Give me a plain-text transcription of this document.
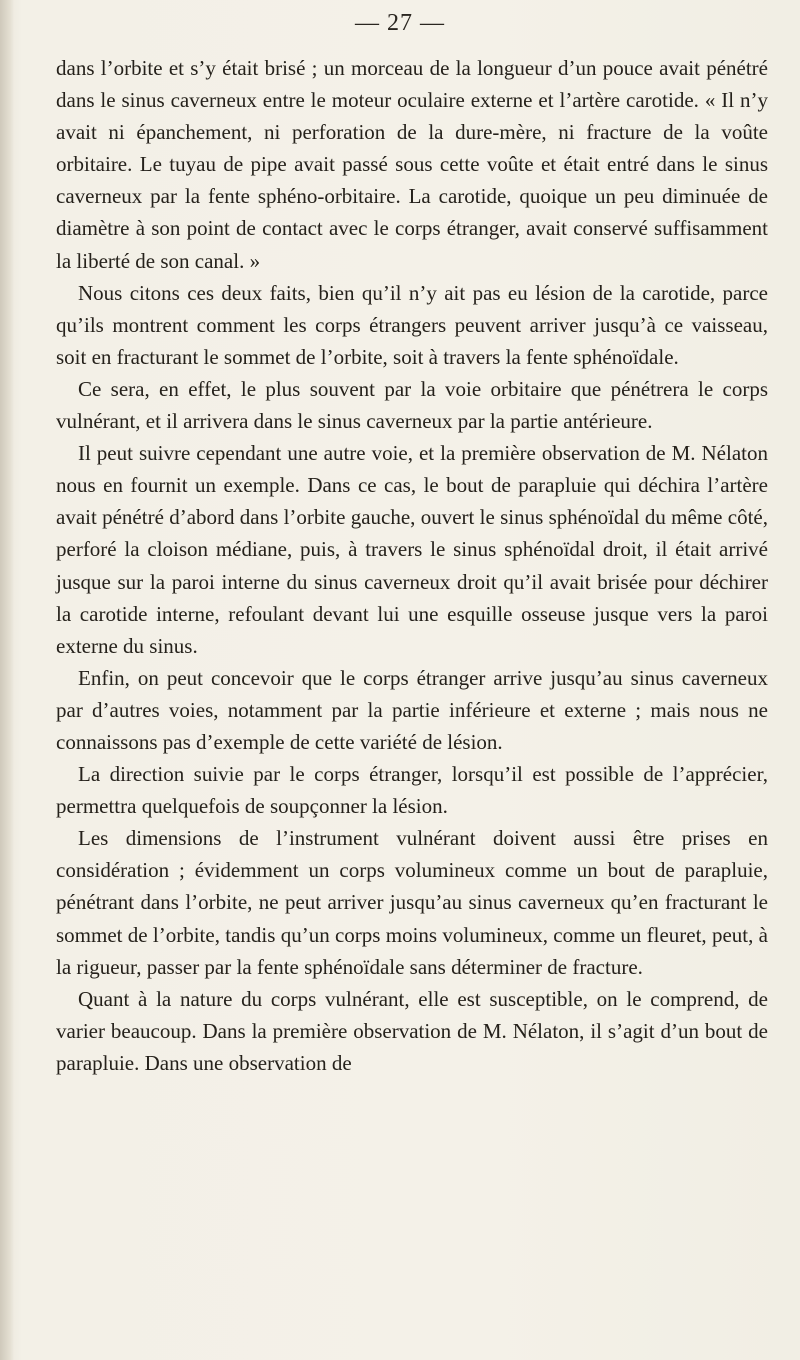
— 27 —

dans l’orbite et s’y était brisé ; un morceau de la longueur d’un pouce avait pénétré dans le sinus caverneux entre le moteur oculaire externe et l’artère carotide. « Il n’y avait ni épanchement, ni perforation de la dure-mère, ni fracture de la voûte orbitaire. Le tuyau de pipe avait passé sous cette voûte et était entré dans le sinus caverneux par la fente sphéno-orbitaire. La carotide, quoique un peu diminuée de diamètre à son point de contact avec le corps étranger, avait conservé suffisamment la liberté de son canal. »

Nous citons ces deux faits, bien qu’il n’y ait pas eu lésion de la carotide, parce qu’ils montrent comment les corps étrangers peuvent arriver jusqu’à ce vaisseau, soit en fracturant le sommet de l’orbite, soit à travers la fente sphénoïdale.

Ce sera, en effet, le plus souvent par la voie orbitaire que pénétrera le corps vulnérant, et il arrivera dans le sinus caverneux par la partie antérieure.

Il peut suivre cependant une autre voie, et la première observation de M. Nélaton nous en fournit un exemple. Dans ce cas, le bout de parapluie qui déchira l’artère avait pénétré d’abord dans l’orbite gauche, ouvert le sinus sphénoïdal du même côté, perforé la cloison médiane, puis, à travers le sinus sphénoïdal droit, il était arrivé jusque sur la paroi interne du sinus caverneux droit qu’il avait brisée pour déchirer la carotide interne, refoulant devant lui une esquille osseuse jusque vers la paroi externe du sinus.

Enfin, on peut concevoir que le corps étranger arrive jusqu’au sinus caverneux par d’autres voies, notamment par la partie inférieure et externe ; mais nous ne connaissons pas d’exemple de cette variété de lésion.

La direction suivie par le corps étranger, lorsqu’il est possible de l’apprécier, permettra quelquefois de soupçonner la lésion.

Les dimensions de l’instrument vulnérant doivent aussi être prises en considération ; évidemment un corps volumineux comme un bout de parapluie, pénétrant dans l’orbite, ne peut arriver jusqu’au sinus caverneux qu’en fracturant le sommet de l’orbite, tandis qu’un corps moins volumineux, comme un fleuret, peut, à la rigueur, passer par la fente sphénoïdale sans déterminer de fracture.

Quant à la nature du corps vulnérant, elle est susceptible, on le comprend, de varier beaucoup. Dans la première observation de M. Nélaton, il s’agit d’un bout de parapluie. Dans une observation de
